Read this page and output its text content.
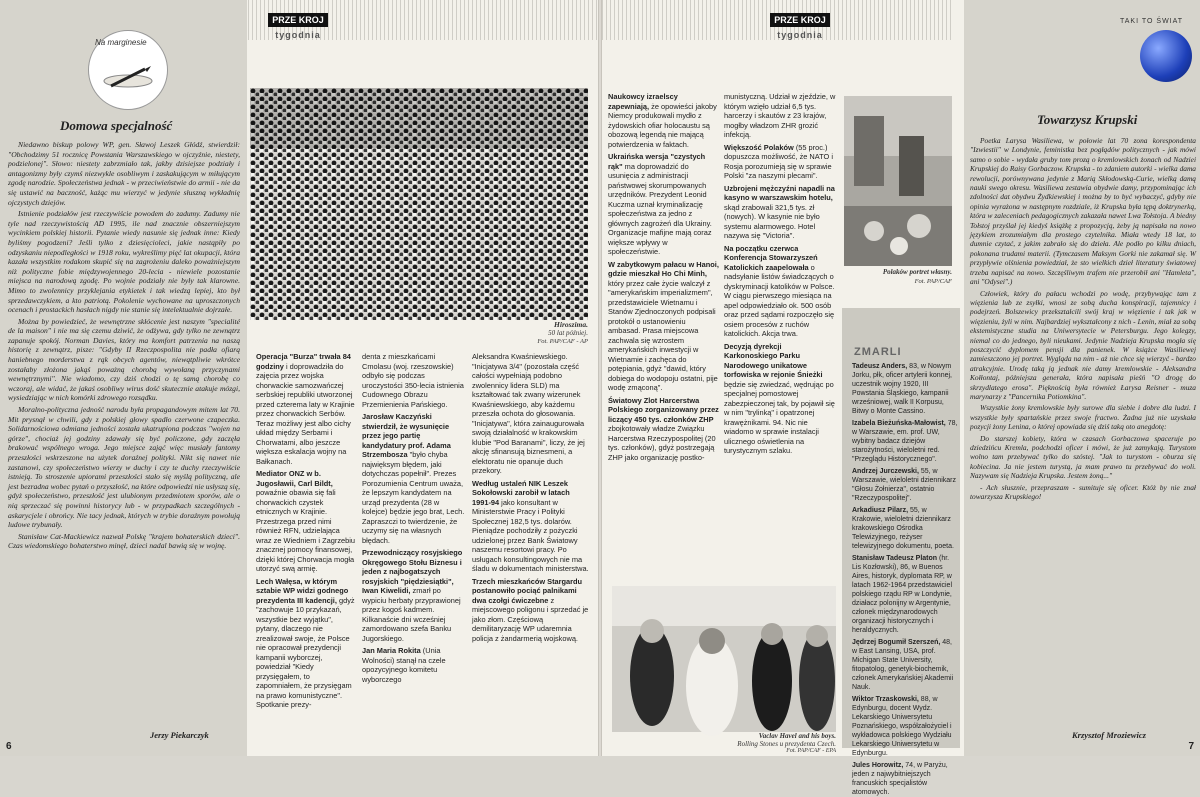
Na marginesie
Domowa specjalność

Niedawno biskup polowy WP, gen. Sławoj Leszek Głódź, stwierdził: "Obchodzimy 51 rocznicę Powstania Warszawskiego w ojczyźnie, niestety, podzielonej". Słowo: niestety zabrzmiało tak, jakby dzisiejsze podziały i antagonizmy były czymś niezwykle osobliwym i zaskakującym w miłującym zgodę narodzie. Społeczeństwa jednak - w przeciwieństwie do armii - nie da się ustawić na baczność, każąc mu wierzyć w jedynie słuszną wykładnię ojczystych dziejów.

Istnienie podziałów jest rzeczywiście powodem do zadumy. Zadumy nie tyle nad rzeczywistością AD 1995, ile nad znacznie obszerniejszym wycinkiem polskiej historii. Pytanie wiedy nasunie się jednak inne: Kiedy byliśmy pogodzeni? Jeśli tylko z dziesięcioleci, jakie nastąpiły po odzyskaniu niepodległości w 1918 roku, wykreślimy pięć lat okupacji, która kazała wszystkim rodakom skupić się na zagrożeniu daleko poważniejszym niż polityczne fobie międzywojennego 20-lecia - niewiele pozostanie miejsca na narodową zgodę. Po wojnie podziały nie były tak klarowne. Mimo to zwolennicy przyklejania etykietek i tak wiedzą lepiej, kto był sprzedawczykiem, a kto patriotą. Pokolenie wychowane na uproszczonych ocenach i prostackich hasłach nigdy nie stanie się intelektualnie dojrzałe.

Można by powiedzieć, że wewnętrzne skłócenie jest naszym "specialité de la maison" i nie ma się czemu dziwić, że odżywa, gdy tylko ne zewnątrz zapanuje spokój. Norman Davies, który ma komfort patrzenia na naszą historię z zewnątrz, pisze: "Gdyby II Rzeczpospolita nie padła ofiarą haniebnego morderstwa z rąk obcych agentów, niewątpliwie wkrótce zostałaby złożona jakąś poważną chorobą wywołaną przyczynami wewnętrznymi". Nie wiadomo, czy dziś chodzi o tę samą chorobę co wczoraj, ale widać, że jakaś osobliwy wirus dość skutecznie atakuje mózgi, wysiedziając w nich komórki zdrowego rozsądku.

Moralno-polityczna jedność narodu była propagandowym mitem lat 70. Mit prysnął w chwili, gdy z polskiej głowy spadło czerwone czapeczka. Solidarnościowa odmiana jedności została ukatrupiona podczas "wojen na górze", chociaż jej godziny zdawały się być policzone, gdy zaczęła brakować wspólnego wroga. Jego miejsce zająć więc musiały fantomy przeszłości wskrzeszone na użytek doraźnej polityki. Nikt się nawet nie zastanowi, czy społeczeństwo wierzy w duchy i czy te duchy rzeczywiście istnieją. To stroszenie upiorami przeszłości stało się myślą polityczną, ale jest bezradna wobec pytań o przyszłość, na które odpowiedzi nie usłyszą się, gdyż społeczeństwo, przeszłość jest ulubionym przedmiotem sporów, ale o nią sprzeczać się powinni historycy lub - w przypadkach szczególnych - askarycjele i obrońcy. Nie tacy jednak, których w trybie doraźnym powołują ludowe trybunały.

Stanisław Cat-Mackiewicz nazwał Polskę "krajem bohaterskich dzieci". Czas wiedomskiego bohaterstwo minęł, dzieci nadal bawią się w wojnę.

Jerzy Piekarczyk
6
PRZE KROJ
tygodnia
Hiroszima.
50 lat później.
Fot. PAP/CAF - AP

Operacja "Burza" trwała 84 godziny i doprowadziła do zajęcia przez wojska chorwackie samozwańczej serbskiej republiki utworzonej przed czterema laty w Krajinie przez chorwackich Serbów. Teraz możliwy jest albo cichy układ między Serbami i Chorwatami, albo jeszcze większa eskalacja wojny na Bałkanach.

Mediator ONZ w b. Jugosławii, Carl Bildt, powaźnie obawia się fali chorwackich czystek etnicznych w Krajinie. Przestrzega przed nimi również RFN, udzielająca wraz ze Wiedniem i Zagrzebiu znacznej pomocy finansowej, dzięki której Chorwacja mogła utorzyć swą armię.

Lech Wałęsa, w którym sztabie WP widzi godnego prezydenta III kadencji, gdyż "zachowuje 10 przykazań, wszystkie bez wyjątku", pytany, dlaczego nie zrealizował swoje, że Polsce nie opracował prezydencji kampanii wyborczej, powiedział "Kiedy przysięgałem, to zapomniałem, że przysięgam na prawo komunistyczne". Spotkanie prezy-

denta z mieszkańcami Cmolasu (woj. rzeszowskie) odbyło się podczas uroczystości 350-lecia istnienia Cudownego Obrazu Przemienienia Pańskiego.

Jarosław Kaczyński stwierdził, że wysunięcie przez jego partię kandydatury prof. Adama Strzembosza "było chyba najwięksym błędem, jaki dotychczas popełnił". Prezes Porozumienia Centrum uważa, że lepszym kandydatem na urząd prezydenta (28 w kolejce) będzie jego brat, Lech. Zapraszczi to twierdzenie, że uczymy się na własnych błędach.

Przewodniczący rosyjskiego Okręgowego Stołu Biznesu i jeden z najbogatszych rosyjskich "piędziesiątki", Iwan Kiwelidi, zmarł po wypiciu herbaty przyprawionej przez kogoś kadmem. Kilkanaście dni wcześniej zamordowano szefa Banku Jugorskiego.

Jan Maria Rokita (Unia Wolności) stanął na czele opozycyjnego komitetu wyborczego

Aleksandra Kwaśniewskiego. "Inicjatywa 3/4" (pozostała część całości wypełniają podobno zwolennicy lidera SLD) ma kształtować tak zwany wizerunek Kwaśniewskiego, aby każdemu przeszła ochota do głosowania. "Inicjatywa", która zainaugurowała swoją działalność w krakowskim klubie "Pod Baranami", liczy, że jej akcję sfinansują biznesmeni, a elektoratu nie opanuje duch przekory.

Według ustaleń NIK Leszek Sokołowski zarobił w latach 1991-94 jako konsultant w Ministerstwie Pracy i Polityki Społecznej 182,5 tys. dolarów. Pieniądze pochodziły z pożyczki udzielonej przez Bank Światowy naszemu resortowi pracy. Po usługach konsultingowych nie ma śladu w dokumentach ministerstwa.

Trzech mieszkańców Stargardu postanowiło pociąć palnikami dwa czołgi ćwiczebne z miejscowego poligonu i sprzedać je jako złom. Częściową demilitaryzację WP udaremnia policja z żandarmerią wojskową.

PRZE KROJ
tygodnia

Naukowcy izraelscy zapewniają, że opowieści jakoby Niemcy produkowali mydło z żydowskich ofiar holocaustu są obozową legendą nie mającą potwierdzenia w faktach.

Ukraińska wersja "czystych rąk" ma doprowadzić do usunięcia z administracji państwowej skorumpowanych urzędników. Prezydent Leonid Kuczma uznał kryminalizację społeczeństwa za jedno z głównych zagrożeń dla Ukrainy. Organizacje mafijne mają coraz większe wpływy w społeczeństwie.

W zabytkowym pałacu w Hanoi, gdzie mieszkał Ho Chi Minh, który przez całe życie walczył z "amerykańskim imperializmem", przedstawiciele Wietnamu i Stanów Zjednoczonych podpisali protokół o ustanowieniu ambasad. Prasa miejscowa zachwala się wzrostem amerykańskich inwestycji w Wietnamie i zachęca do potępiania, gdyż "dawid, który dobiega do wodopoju ostatni, pije wodę zmąconą".

Światowy Zlot Harcerstwa Polskiego zorganizowany przez liczący 450 tys. członków ZHP zbojkotowały władze Związku Harcerstwa Rzeczypospolitej (20 tys. członków), gdyż postrzegają ZHP jako organizację postko-

munistyczną. Udział w zjeździe, w którym wzięło udział 6,5 tys. harcerzy i skautów z 23 krajów, mogłby władzom ZHR grozić infekcją.

Większość Polaków (55 proc.) dopuszcza możliwość, że NATO i Rosja porozumieją się w sprawie Polski "za naszymi plecami".

Uzbrojeni mężczyźni napadli na kasyno w warszawskim hotelu, skąd zrabowali 321,5 tys. zł (nowych). W kasynie nie było systemu alarmowego. Hotel nazywa się "Victoria".

Na początku czerwca Konferencja Stowarzyszeń Katolickich zaapelowała o nadsyłanie listów świadczących o dyskryminacji katolików w Polsce. W ciągu pierwszego miesiąca na apel odpowiedziało ok. 500 osób oraz przed sądami rozpoczęło się osiem procesów z ruchów katolickich. Akcja trwa.

Decyzją dyrekcji Karkonoskiego Parku Narodowego unikatowe torfowiska w rejonie Śnieżki będzie się zwiedzać, wędrując po specjalnej pomostowej zabezpieczonej tak, by pojawił się w nim "trylinką" i opatrzonej krawężnikami. 94. Nic nie wiadomo w sprawie instalacji ulicznego oświetlenia na turystycznym szlaku.

Polaków portret własny.
Fot. PAP/CAF
ZMARLI

Tadeusz Anders, 83, w Nowym Jorku, płk, oficer artylerii konnej, uczestnik wojny 1920, III Powstania Śląskiego, kampanii wrześniowej, walk II Korpusu, Bitwy o Monte Cassino.

Izabela Bieżuńska-Małowist, 78, w Warszawie, em. prof. UW, wybitny badacz dziejów starożytności, wieloletni red. "Przeglądu Historycznego".

Andrzej Jurczewski, 55, w Warszawie, wieloletni dziennikarz "Głosu Żołnierza", ostatnio "Rzeczypospolitej".

Arkadiusz Pilarz, 55, w Krakowie, wieloletni dziennikarz krakowskiego Ośrodka Telewizyjnego, reżyser telewizyjnego dokumentu, poeta.

Stanisław Tadeusz Platon (hr. Lis Kozłowski), 86, w Buenos Aires, historyk, dyplomata RP, w latach 1962-1964 przedstawiciel polskiego rządu RP w Londynie, działacz polonijny w Argentynie, członek międzynarodowych organizacji historycznych i heraldycznych.

Jędrzej Bogumił Szerszeń, 48, w East Lansing, USA, prof. Michigan State University, fitopatolog, genetyk-biochemik, członek Amerykańskiej Akademii Nauk.

Wiktor Trzaskowski, 88, w Edynburgu, docent Wydz. Lekarskiego Uniwersytetu Poznańskiego, współzałożyciel i wykładowca polskiego Wydziału Lekarskiego Uniwersytetu w Edynburgu.

Jules Horowitz, 74, w Paryżu, jeden z najwybitniejszych francuskich specjalistów atomowych.

Vaclav Havel and his boys.
Rolling Stones u prezydenta Czech.
Fot. PAP/CAF - EPA
TAKI TO ŚWIAT
Towarzysz Krupski

Poetka Larysa Wasiliewa, w połowie lat 70 zona korespondenta "Izwiestii" w Londynie, feministka bez pogłądów politycznych - jak mówi samo o sobie - wydała gruby tom prozą o kremlowskich żonach od Nadziei Krupskiej do Raisy Gorbaczow. Krupska - to zdaniem autorki - wielka dama rewolucji, porównywana jedynie z Marią Skłodowską-Curie, wielką damą nauki swego okresu. Wasiliewa zestawia obydwie damy, przypominając ich zdolności dat obydwu Żydkiewskiej i można by to być wybaczyć, gdyby nie opinia wyrażona w następnym rozdziale, iż Krupska była tępą doktrynerką, która w zaleceniach pedagogicznych zakazała nawet Lwa Tołstoja. A biedny Tołstoj przyślał jej kiedyś książkę z propozycją, żeby ją napisała na nowo językiem zrozumiałym dla prostego czytelnika. Miała wtedy 18 lat, to dumnie czytać, z jakim zabrało się do dzieła. Ale podło po kilku dniach, pokonana trudami materii. (Tymczasem Maksym Gorki nie zakamał się. W przypływie olśnienia powiedział, że sto wielkich dzieł literatury światowej trzeba napisać na nowo. Szczęśliwym trafem nie przerobił ani "Hamleta", ani "Odysei".)

Człowiek, który do pałacu wchodzi po wodę, przybywając tam z więzienia lub ze zsyłki, wnosi ze sobą ducha konspiracji, tajemnicy i podejrzeń. Bolszewicy przekształcili swój kraj w więzienie i tak jak w więzieniu, żyli w nim. Najbardziej wykształcony z nich - Lenin, miał za sobą ekstemistyczne studia na Uniwersytecie w Petersburgu. Jego kolegzy, niemal co do jednego, byli nieukami. Jedynie Nadzieja Krupska mogła się poszczycić dyplomem pensji dla panienek. W książce Wasiliewej zamieszczono jej portret. Wygląda na nim - aż nie chce się wierzyć - bardzo atrakcyjnie. Urodę taką ją jednak nie damy kremlowskie - Aleksandra Kołłontaj, późniejsza generała, która napisała pieśń "O drogę do skrzydlatego erosa". Pięknością była również Łarysa Reisner - muza marynarzy z "Pancernika Potiomkina".

Wszystkie żony kremlowskie były surowe dla siebie i dobre dla ludzi. I wszystkie były spartańskie przez swoje fractwo. Żadna już nie uzyskała pozycji żony Lenina, o której opowiada się dziś taką oto anegdotę:

Do starszej kobiety, która w czasach Gorbaczowa spaceruje po dziedzińcu Kremla, podchodzi oficer i mówi, że już zamykają. Turystom wolno tam przebywać tylko do szóstej. "Jak to turystom - oburza się kobiecina. Ja nie jestem turystą, ja mam prawo tu przebywać do woli. Nazywam się Nadzieja Krupska. Jestem żoną..."

- Ach słusznie, przepraszam - sumituje się oficer. Któż by nie znał towarzysza Krupskiego!

Krzysztof Mroziewicz
7
